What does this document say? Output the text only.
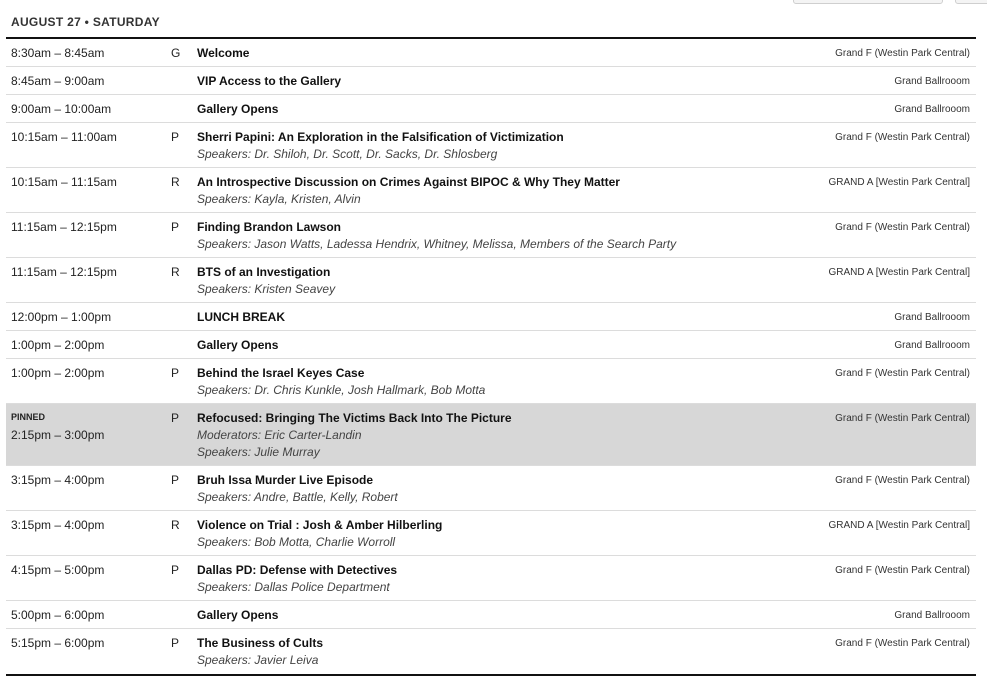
AUGUST 27 • SATURDAY
8:30am – 8:45am	G Welcome	Grand F (Westin Park Central)
8:45am – 9:00am	VIP Access to the Gallery	Grand Ballrooom
9:00am – 10:00am	Gallery Opens	Grand Ballrooom
10:15am – 11:00am	P Sherri Papini: An Exploration in the Falsification of Victimization
Speakers: Dr. Shiloh, Dr. Scott, Dr. Sacks, Dr. Shlosberg
Grand F (Westin Park Central)
10:15am – 11:15am	R An Introspective Discussion on Crimes Against BIPOC & Why They Matter
Speakers: Kayla, Kristen, Alvin
GRAND A [Westin Park Central]
11:15am – 12:15pm	P Finding Brandon Lawson
Speakers: Jason Watts, Ladessa Hendrix, Whitney, Melissa, Members of the Search Party
Grand F (Westin Park Central)
11:15am – 12:15pm	R BTS of an Investigation
Speakers: Kristen Seavey
GRAND A [Westin Park Central]
12:00pm – 1:00pm	LUNCH BREAK	Grand Ballrooom
1:00pm – 2:00pm	Gallery Opens	Grand Ballrooom
1:00pm – 2:00pm	P Behind the Israel Keyes Case
Speakers: Dr. Chris Kunkle, Josh Hallmark, Bob Motta
Grand F (Westin Park Central)
PINNED
2:15pm – 3:00pm
P Refocused: Bringing The Victims Back Into The Picture
Moderators: Eric Carter-Landin
Speakers: Julie Murray
Grand F (Westin Park Central)
3:15pm – 4:00pm	P Bruh Issa Murder Live Episode
Speakers: Andre, Battle, Kelly, Robert
Grand F (Westin Park Central)
3:15pm – 4:00pm	R Violence on Trial : Josh & Amber Hilberling
Speakers: Bob Motta, Charlie Worroll
GRAND A [Westin Park Central]
4:15pm – 5:00pm	P Dallas PD: Defense with Detectives
Speakers: Dallas Police Department
Grand F (Westin Park Central)
5:00pm – 6:00pm	Gallery Opens	Grand Ballrooom
5:15pm – 6:00pm	P The Business of Cults
Speakers: Javier Leiva
Grand F (Westin Park Central)
